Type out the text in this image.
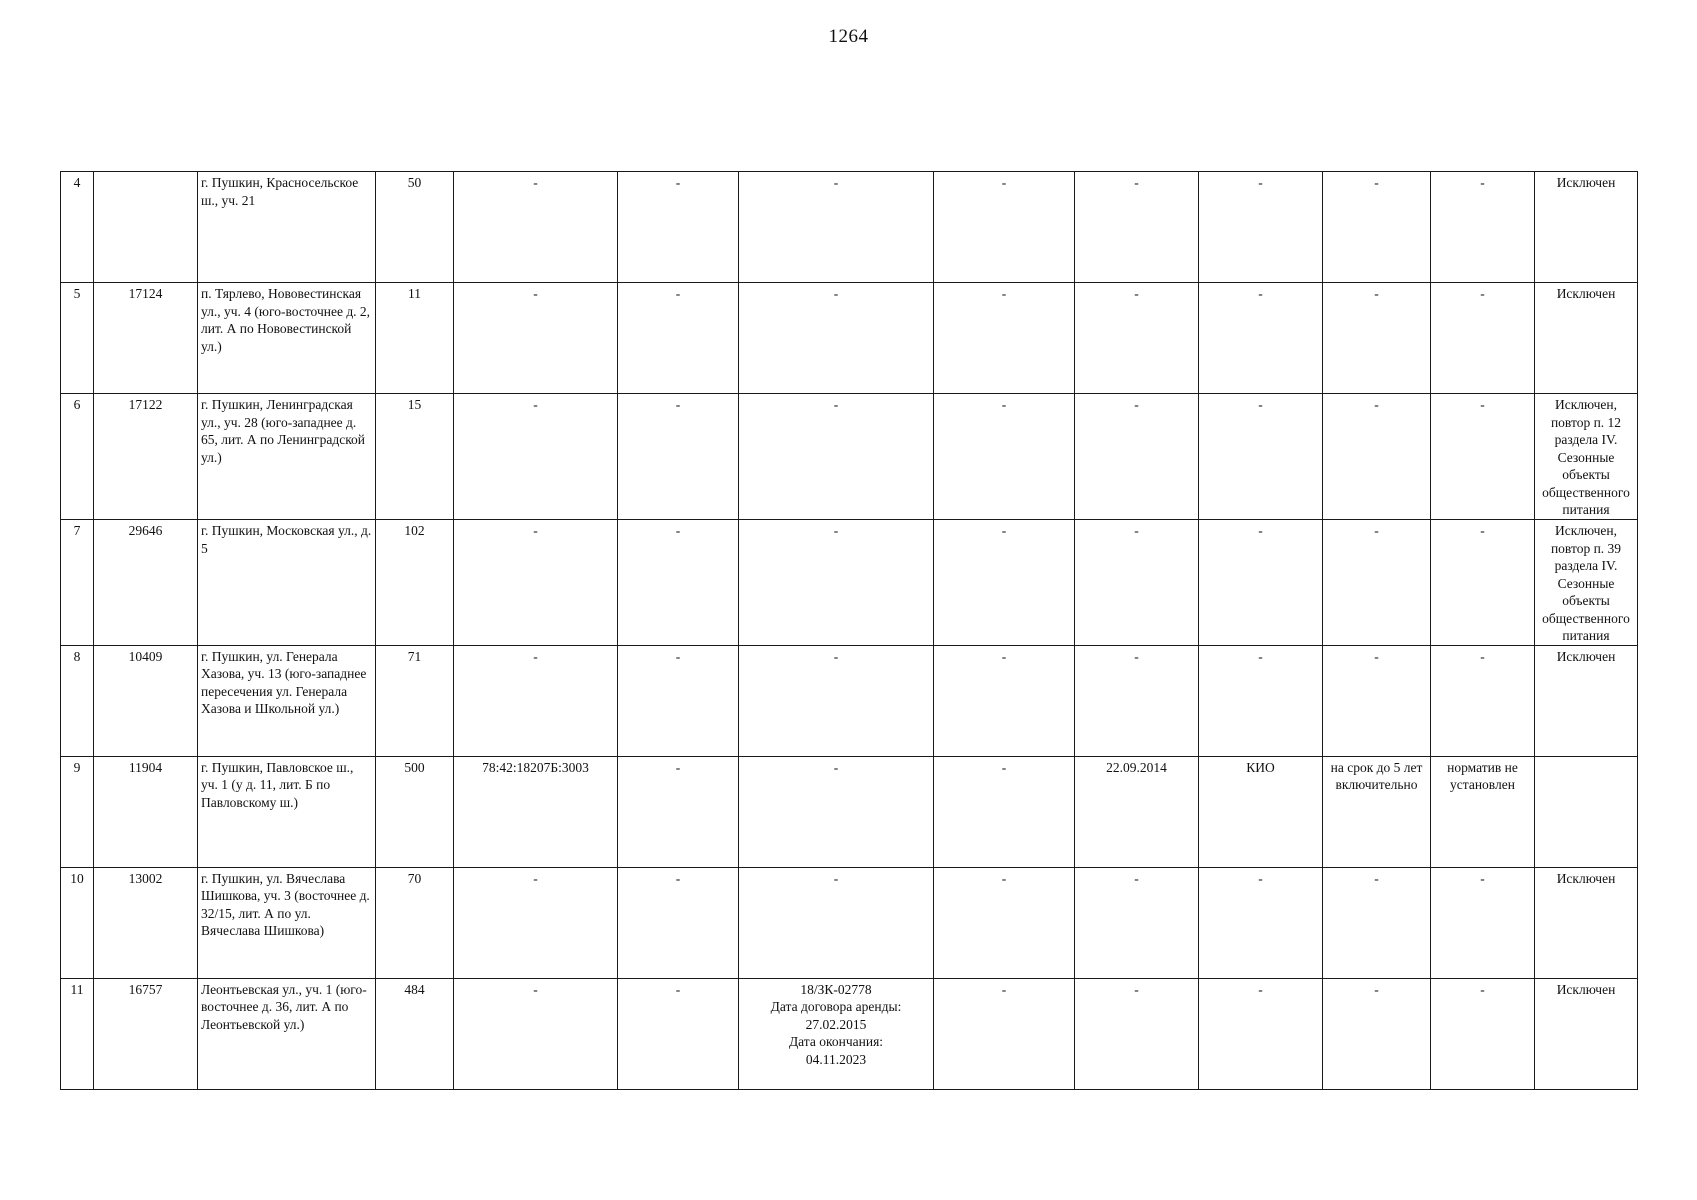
1264
4		г. Пушкин, Красносельское ш., уч. 21	50	-	-	-	-	-	-	-	-	Исключен
5	17124	п. Тярлево, Нововестинская ул., уч. 4 (юго-восточнее д. 2, лит. А по Нововестинской ул.)	11	-	-	-	-	-	-	-	-	Исключен
6	17122	г. Пушкин, Ленинградская ул., уч. 28 (юго-западнее д. 65, лит. А по Ленинградской ул.)	15	-	-	-	-	-	-	-	-	Исключен, повтор п. 12 раздела IV. Сезонные объекты общественного питания
7	29646	г. Пушкин, Московская ул., д. 5	102	-	-	-	-	-	-	-	-	Исключен, повтор п. 39 раздела IV. Сезонные объекты общественного питания
8	10409	г. Пушкин, ул. Генерала Хазова, уч. 13 (юго-западнее пересечения ул. Генерала Хазова и Школьной ул.)	71	-	-	-	-	-	-	-	-	Исключен
9	11904	г. Пушкин, Павловское ш., уч. 1 (у д. 11, лит. Б по Павловскому ш.)	500	78:42:18207Б:3003	-	-	-	22.09.2014	КИО	на срок до 5 лет включительно	норматив не установлен	
10	13002	г. Пушкин, ул. Вячеслава Шишкова, уч. 3 (восточнее д. 32/15, лит. А по ул. Вячеслава Шишкова)	70	-	-	-	-	-	-	-	-	Исключен
11	16757	Леонтьевская ул., уч. 1 (юго-восточнее д. 36, лит. А по Леонтьевской ул.)	484	-	-	18/ЗК-02778
Дата договора аренды:
27.02.2015
Дата окончания:
04.11.2023	-	-	-	-	-	Исключен
